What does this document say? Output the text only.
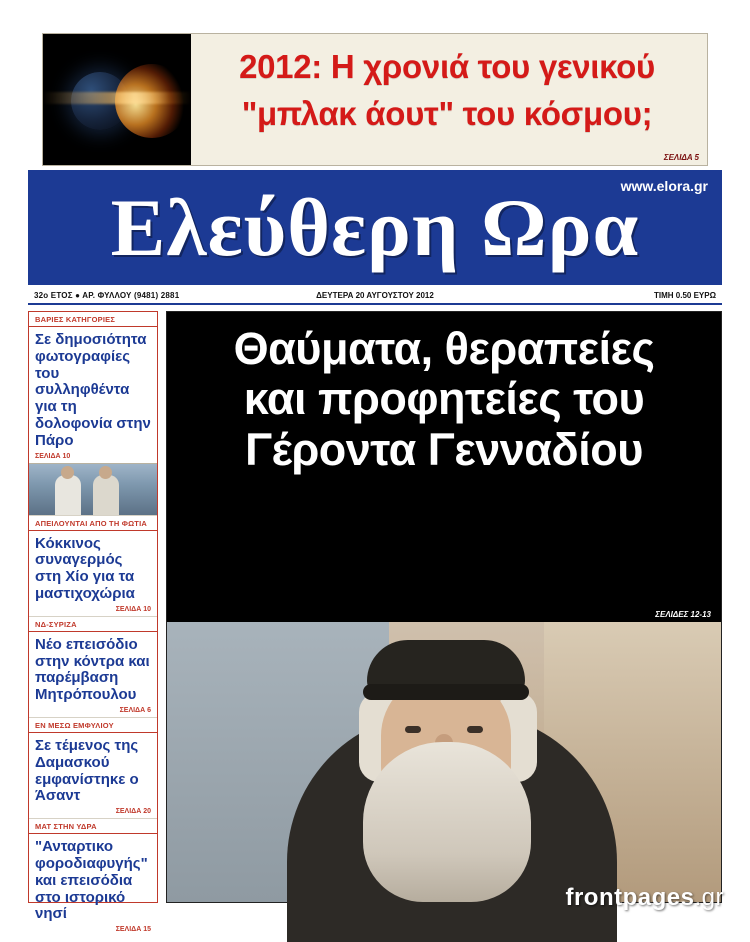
2012: Η χρονιά του γενικού
"μπλακ άουτ" του κόσμου;
ΣΕΛΙΔΑ 5
www.elora.gr
Ελεύθερη Ωρα
32ο ΕΤΟΣ ● ΑΡ. ΦΥΛΛΟΥ (9481) 2881	ΔΕΥΤΕΡΑ 20 ΑΥΓΟΥΣΤΟΥ 2012	ΤΙΜΗ 0.50 ΕΥΡΩ
ΒΑΡΙΕΣ ΚΑΤΗΓΟΡΙΕΣ
Σε δημοσιότητα φωτογραφίες του συλληφθέντα για τη δολοφονία στην Πάρο
ΣΕΛΙΔΑ 10
ΑΠΕΙΛΟΥΝΤΑΙ ΑΠΟ ΤΗ ΦΩΤΙΑ
Κόκκινος συναγερμός στη Χίο για τα μαστιχοχώρια
ΣΕΛΙΔΑ 10
ΝΔ-ΣΥΡΙΖΑ
Νέο επεισόδιο στην κόντρα και παρέμβαση Μητρόπουλου
ΣΕΛΙΔΑ 6
ΕΝ ΜΕΣΩ ΕΜΦΥΛΙΟΥ
Σε τέμενος της Δαμασκού εμφανίστηκε ο Άσαντ
ΣΕΛΙΔΑ 20
ΜΑΤ ΣΤΗΝ ΥΔΡΑ
"Ανταρτικο φοροδιαφυγής" και επεισόδια στο ιστορικό νησί
ΣΕΛΙΔΑ 15
Θαύματα, θεραπείες
και προφητείες του
Γέροντα Γενναδίου
ΣΕΛΙΔΕΣ 12-13
frontpages.gr
